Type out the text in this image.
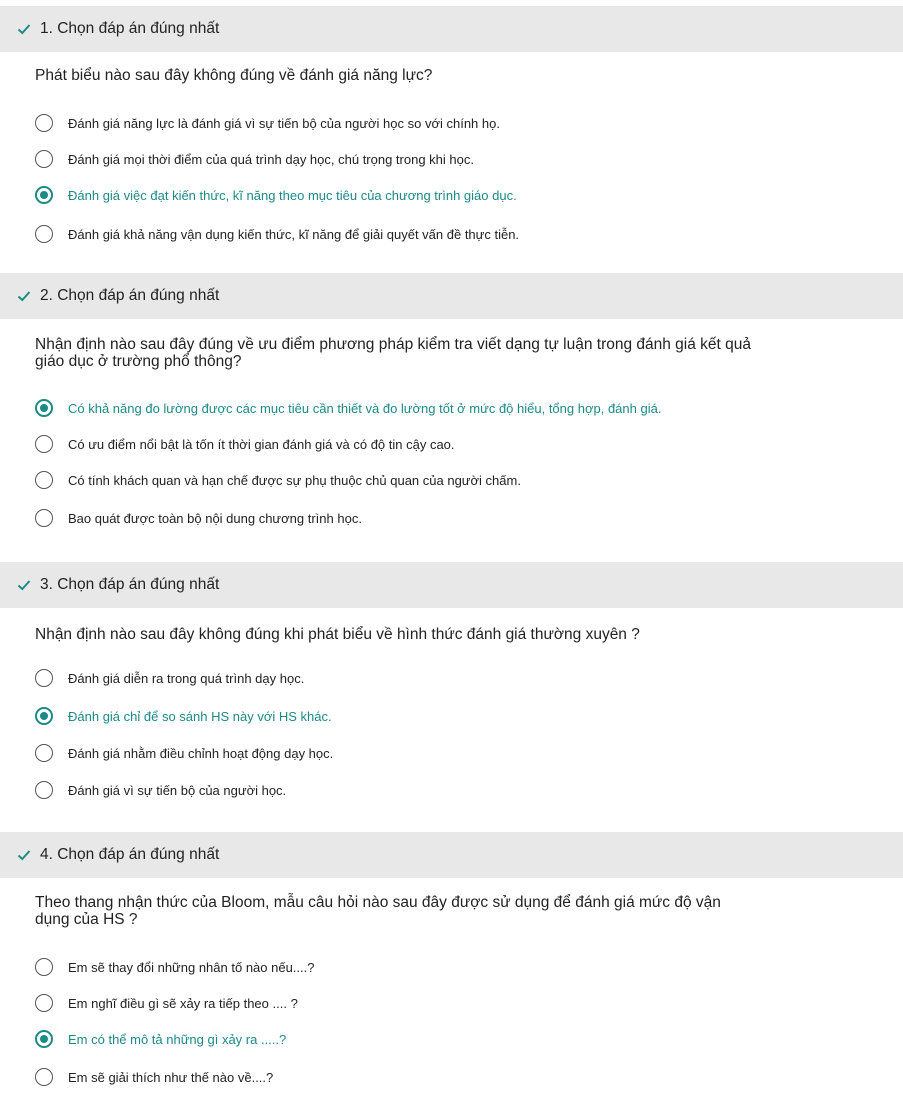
1. Chọn đáp án đúng nhất
Phát biểu nào sau đây không đúng về đánh giá năng lực?
Đánh giá năng lực là đánh giá vì sự tiến bộ của người học so với chính họ.
Đánh giá mọi thời điểm của quá trình dạy học, chú trọng trong khi học.
Đánh giá việc đạt kiến thức, kĩ năng theo mục tiêu của chương trình giáo dục.
Đánh giá khả năng vận dụng kiến thức, kĩ năng để giải quyết vấn đề thực tiễn.
2. Chọn đáp án đúng nhất
Nhận định nào sau đây đúng về ưu điểm phương pháp kiểm tra viết dạng tự luận trong đánh giá kết quả
giáo dục ở trường phổ thông?
Có khả năng đo lường được các mục tiêu cần thiết và đo lường tốt ở mức độ hiểu, tổng hợp, đánh giá.
Có ưu điểm nổi bật là tốn ít thời gian đánh giá và có độ tin cậy cao.
Có tính khách quan và hạn chế được sự phụ thuộc chủ quan của người chấm.
Bao quát được toàn bộ nội dung chương trình học.
3. Chọn đáp án đúng nhất
Nhận định nào sau đây không đúng khi phát biểu về hình thức đánh giá thường xuyên ?
Đánh giá diễn ra trong quá trình dạy học.
Đánh giá chỉ để so sánh HS này với HS khác.
Đánh giá nhằm điều chỉnh hoạt động dạy học.
Đánh giá vì sự tiến bộ của người học.
4. Chọn đáp án đúng nhất
Theo thang nhận thức của Bloom, mẫu câu hỏi nào sau đây được sử dụng để đánh giá mức độ vận
dụng của HS ?
Em sẽ thay đổi những nhân tố nào nếu....?
Em nghĩ điều gì sẽ xảy ra tiếp theo .... ?
Em có thể mô tả những gì xảy ra .....?
Em sẽ giải thích như thế nào về....?
